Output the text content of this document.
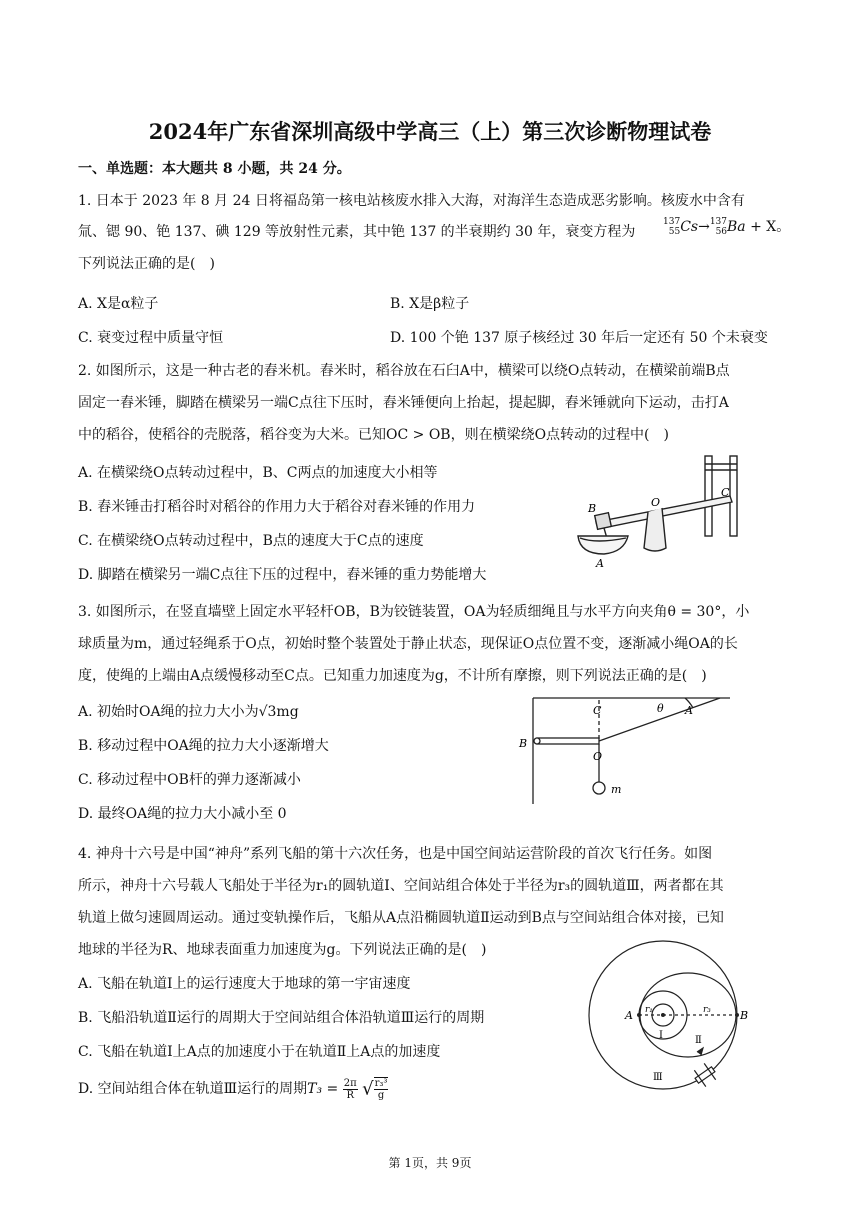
2024年广东省深圳高级中学高三（上）第三次诊断物理试卷
一、单选题：本大题共 8 小题，共 24 分。
1. 日本于 2023 年 8 月 24 日将福岛第一核电站核废水排入大海，对海洋生态造成恶劣影响。核废水中含有
氚、锶 90、铯 137、碘 129 等放射性元素，其中铯 137 的半衰期约 30 年，衰变方程为
137
55 Cs→ 137
56 Ba + X。
下列说法正确的是(　)
A. X是α粒子	B. X是β粒子
C. 衰变过程中质量守恒	D. 100 个铯 137 原子核经过 30 年后一定还有 50 个未衰变
2. 如图所示，这是一种古老的舂米机。舂米时，稻谷放在石臼A中，横梁可以绕O点转动，在横梁前端B点
固定一舂米锤，脚踏在横梁另一端C点往下压时，舂米锤便向上抬起，提起脚，舂米锤就向下运动，击打A
中的稻谷，使稻谷的壳脱落，稻谷变为大米。已知OC > OB，则在横梁绕O点转动的过程中(　)
A. 在横梁绕O点转动过程中，B、C两点的加速度大小相等
B. 舂米锤击打稻谷时对稻谷的作用力大于稻谷对舂米锤的作用力
C. 在横梁绕O点转动过程中，B点的速度大于C点的速度
D. 脚踏在横梁另一端C点往下压的过程中，舂米锤的重力势能增大
B	O
C
A
3. 如图所示，在竖直墙壁上固定水平轻杆OB，B为铰链装置，OA为轻质细绳且与水平方向夹角θ = 30°，小
球质量为m，通过轻绳系于O点，初始时整个装置处于静止状态，现保证O点位置不变，逐渐减小绳OA的长
度，使绳的上端由A点缓慢移动至C点。已知重力加速度为g，不计所有摩擦，则下列说法正确的是(　)
A. 初始时OA绳的拉力大小为√3mg
B. 移动过程中OA绳的拉力大小逐渐增大
C. 移动过程中OB杆的弹力逐渐减小
D. 最终OA绳的拉力大小减小至 0
C	θ A
B
O
m
4. 神舟十六号是中国“神舟”系列飞船的第十六次任务，也是中国空间站运营阶段的首次飞行任务。如图
所示，神舟十六号载人飞船处于半径为r₁的圆轨道Ⅰ、空间站组合体处于半径为r₃的圆轨道Ⅲ，两者都在其
轨道上做匀速圆周运动。通过变轨操作后，飞船从A点沿椭圆轨道Ⅱ运动到B点与空间站组合体对接，已知
地球的半径为R、地球表面重力加速度为g。下列说法正确的是(　)
A. 飞船在轨道Ⅰ上的运行速度大于地球的第一宇宙速度
B. 飞船沿轨道Ⅱ运行的周期大于空间站组合体沿轨道Ⅲ运行的周期
C. 飞船在轨道Ⅰ上A点的加速度小于在轨道Ⅱ上A点的加速度
D. 空间站组合体在轨道Ⅲ运行的周期$T_3 = \frac{2\pi}{R}$ √ $\frac{\text{r₃³}}{g}$
A	B
r₁	r₃
Ⅰ	Ⅱ
Ⅲ
第 1页，共 9页
